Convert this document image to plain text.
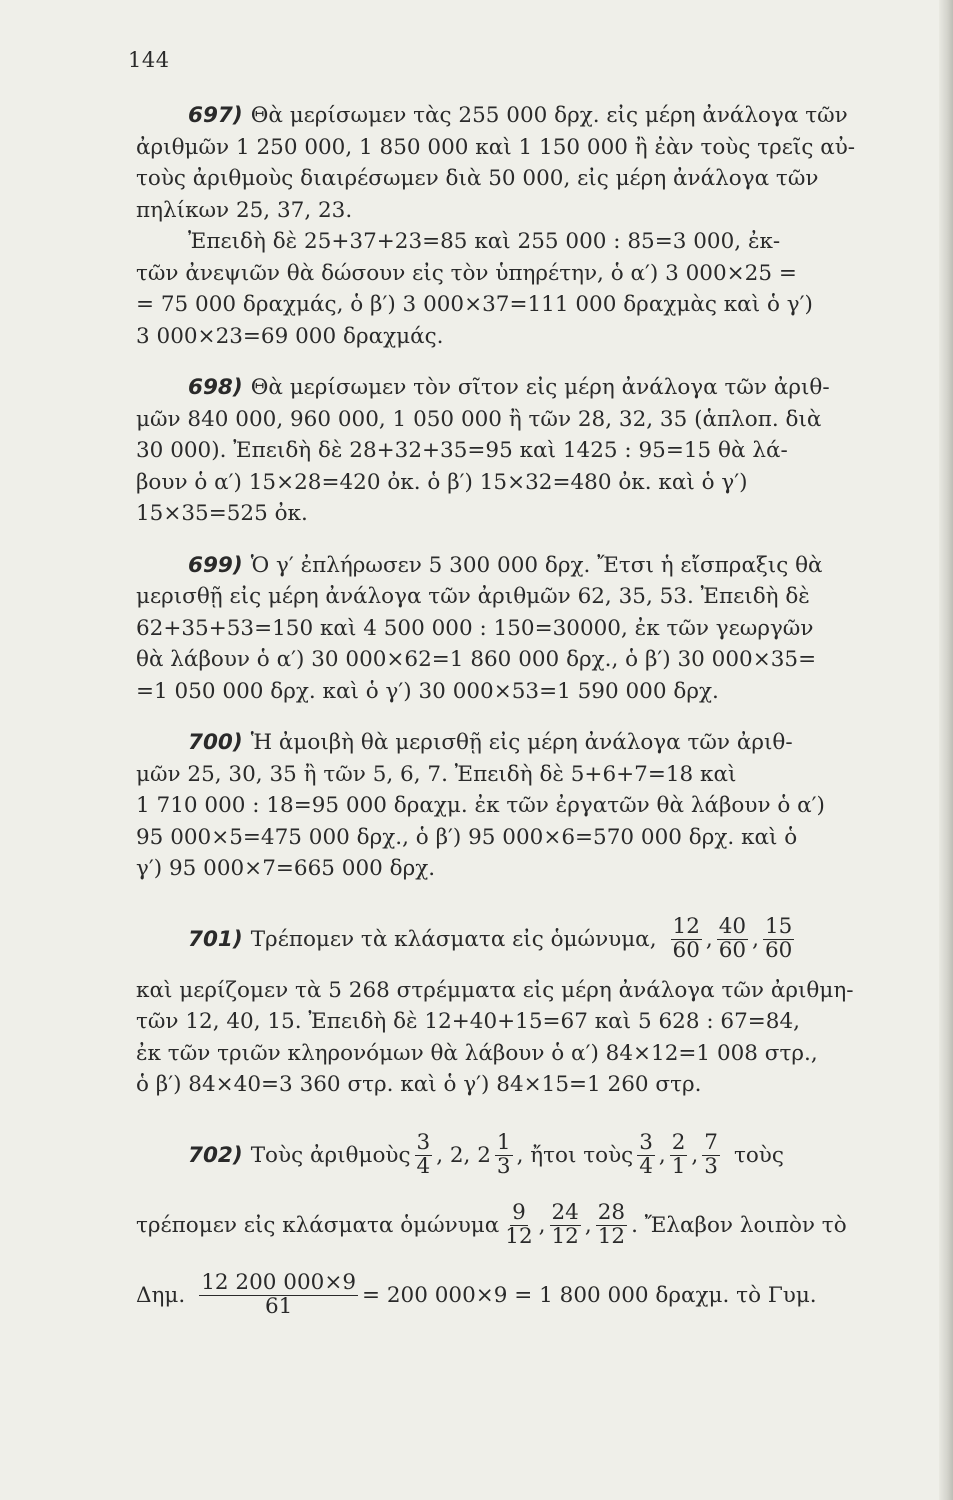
144
697) Θὰ μερίσωμεν τὰς 255 000 δρχ. εἰς μέρη ἀνάλογα τῶν
ἀριθμῶν 1 250 000, 1 850 000 καὶ 1 150 000 ἢ ἐὰν τοὺς τρεῖς αὐ-
τοὺς ἀριθμοὺς διαιρέσωμεν διὰ 50 000, εἰς μέρη ἀνάλογα τῶν
πηλίκων 25, 37, 23.
Ἐπειδὴ δὲ 25+37+23=85 καὶ 255 000 : 85=3 000, ἐκ-
τῶν ἀνεψιῶν θὰ δώσουν εἰς τὸν ὑπηρέτην, ὁ α′) 3 000×25 =
= 75 000 δραχμάς, ὁ β′) 3 000×37=111 000 δραχμὰς καὶ ὁ γ′)
3 000×23=69 000 δραχμάς.
698) Θὰ μερίσωμεν τὸν σῖτον εἰς μέρη ἀνάλογα τῶν ἀριθ-
μῶν 840 000, 960 000, 1 050 000 ἢ τῶν 28, 32, 35 (ἁπλοπ. διὰ
30 000). Ἐπειδὴ δὲ 28+32+35=95 καὶ 1425 : 95=15 θὰ λά-
βουν ὁ α′) 15×28=420 ὀκ. ὁ β′) 15×32=480 ὀκ. καὶ ὁ γ′)
15×35=525 ὀκ.
699) Ὁ γ′ ἐπλήρωσεν 5 300 000 δρχ. Ἔτσι ἡ εἴσπραξις θὰ
μερισθῇ εἰς μέρη ἀνάλογα τῶν ἀριθμῶν 62, 35, 53. Ἐπειδὴ δὲ
62+35+53=150 καὶ 4 500 000 : 150=30000, ἐκ τῶν γεωργῶν
θὰ λάβουν ὁ α′) 30 000×62=1 860 000 δρχ., ὁ β′) 30 000×35=
=1 050 000 δρχ. καὶ ὁ γ′) 30 000×53=1 590 000 δρχ.
700) Ἡ ἀμοιβὴ θὰ μερισθῇ εἰς μέρη ἀνάλογα τῶν ἀριθ-
μῶν 25, 30, 35 ἢ τῶν 5, 6, 7. Ἐπειδὴ δὲ 5+6+7=18 καὶ
1 710 000 : 18=95 000 δραχμ. ἐκ τῶν ἐργατῶν θὰ λάβουν ὁ α′)
95 000×5=475 000 δρχ., ὁ β′) 95 000×6=570 000 δρχ. καὶ ὁ
γ′) 95 000×7=665 000 δρχ.
701) Τρέπομεν τὰ κλάσματα εἰς ὁμώνυμα, $\frac{12}{60}$ , $\frac{40}{60}$ , $\frac{15}{60}$
καὶ μερίζομεν τὰ 5 268 στρέμματα εἰς μέρη ἀνάλογα τῶν ἀριθμη-
τῶν 12, 40, 15. Ἐπειδὴ δὲ 12+40+15=67 καὶ 5 628 : 67=84,
ἐκ τῶν τριῶν κληρονόμων θὰ λάβουν ὁ α′) 84×12=1 008 στρ.,
ὁ β′) 84×40=3 360 στρ. καὶ ὁ γ′) 84×15=1 260 στρ.
702) Τοὺς ἀριθμοὺς $\frac{3}{4}$ , 2, $2 \frac{1}{3}$ , ἤτοι τοὺς $\frac{3}{4}$ , $\frac{2}{1}$ , $\frac{7}{3}$ τοὺς
τρέπομεν εἰς κλάσματα ὁμώνυμα $\frac{9}{12}$ , $\frac{24}{12}$ , $\frac{28}{12}$ . Ἔλαβον λοιπὸν τὸ
Δημ. $\frac{12 200 000\times 9}{61} = 200$ 000×9 = 1 800 000 δραχμ. τὸ Γυμ.
